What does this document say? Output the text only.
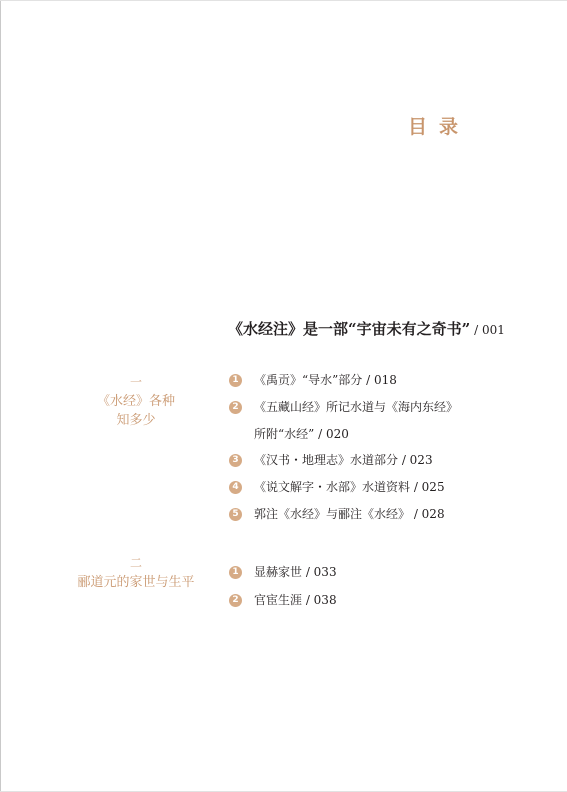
目录
《水经注》是一部“宇宙未有之奇书” / 001
一
《水经》各种
知多少
1 《禹贡》“导水”部分 / 018
2 《五藏山经》所记水道与《海内东经》
所附“水经” / 020
3 《汉书・地理志》水道部分 / 023
4 《说文解字・水部》水道资料 / 025
5 郭注《水经》与郦注《水经》 / 028
二
郦道元的家世与生平
1 显赫家世 / 033
2 官宦生涯 / 038
